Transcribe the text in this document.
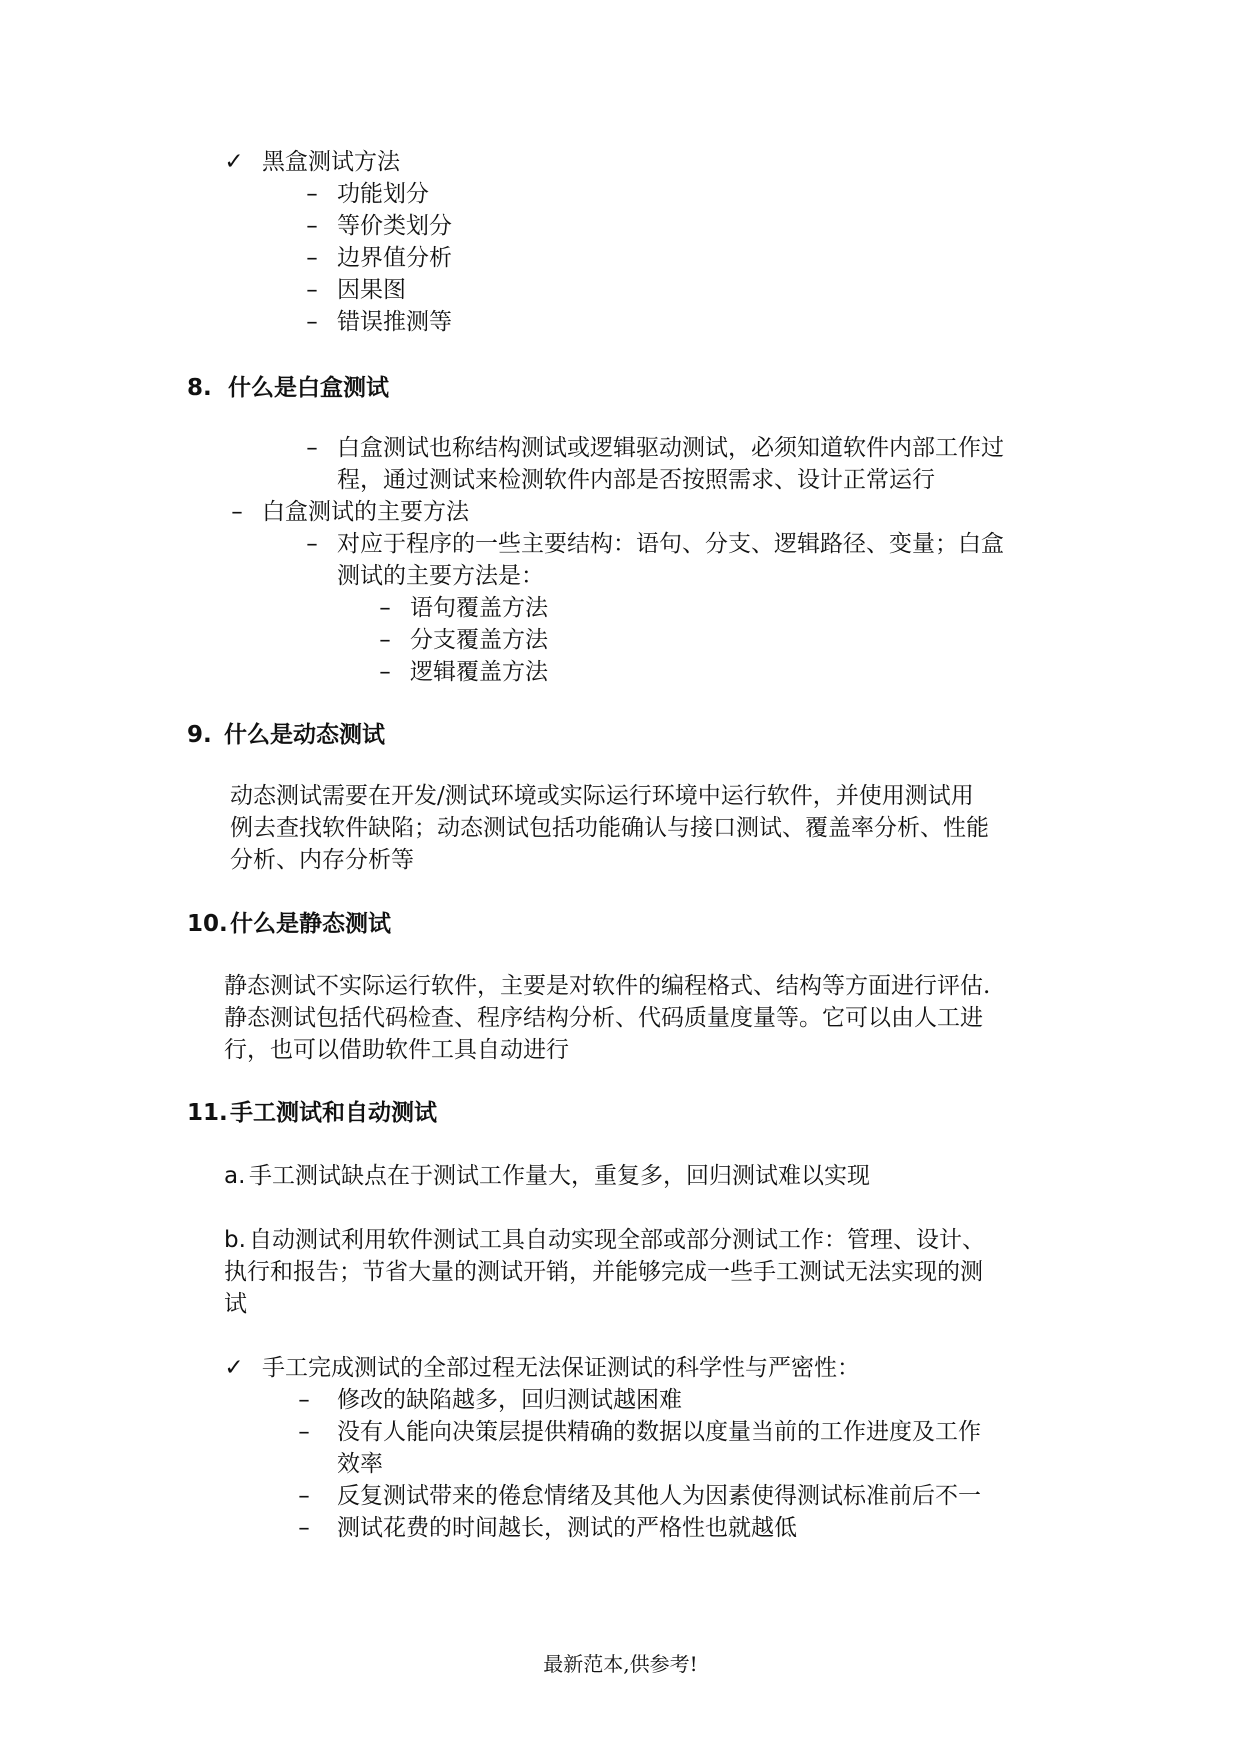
✓ 黑盒测试方法
– 功能划分
– 等价类划分
– 边界值分析
– 因果图
– 错误推测等
8. 什么是白盒测试
– 白盒测试也称结构测试或逻辑驱动测试，必须知道软件内部工作过
程，通过测试来检测软件内部是否按照需求、设计正常运行
– 白盒测试的主要方法
– 对应于程序的一些主要结构：语句、分支、逻辑路径、变量；白盒
测试的主要方法是：
– 语句覆盖方法
– 分支覆盖方法
– 逻辑覆盖方法
9. 什么是动态测试
动态测试需要在开发/测试环境或实际运行环境中运行软件，并使用测试用
例去查找软件缺陷；动态测试包括功能确认与接口测试、覆盖率分析、性能
分析、内存分析等
10. 什么是静态测试
静态测试不实际运行软件，主要是对软件的编程格式、结构等方面进行评估.
静态测试包括代码检查、程序结构分析、代码质量度量等。它可以由人工进
行，也可以借助软件工具自动进行
11. 手工测试和自动测试
a. 手工测试缺点在于测试工作量大，重复多，回归测试难以实现
b. 自动测试利用软件测试工具自动实现全部或部分测试工作：管理、设计、
执行和报告；节省大量的测试开销，并能够完成一些手工测试无法实现的测
试
✓ 手工完成测试的全部过程无法保证测试的科学性与严密性：
– 修改的缺陷越多，回归测试越困难
– 没有人能向决策层提供精确的数据以度量当前的工作进度及工作
效率
– 反复测试带来的倦怠情绪及其他人为因素使得测试标准前后不一
– 测试花费的时间越长，测试的严格性也就越低
最新范本,供参考!
